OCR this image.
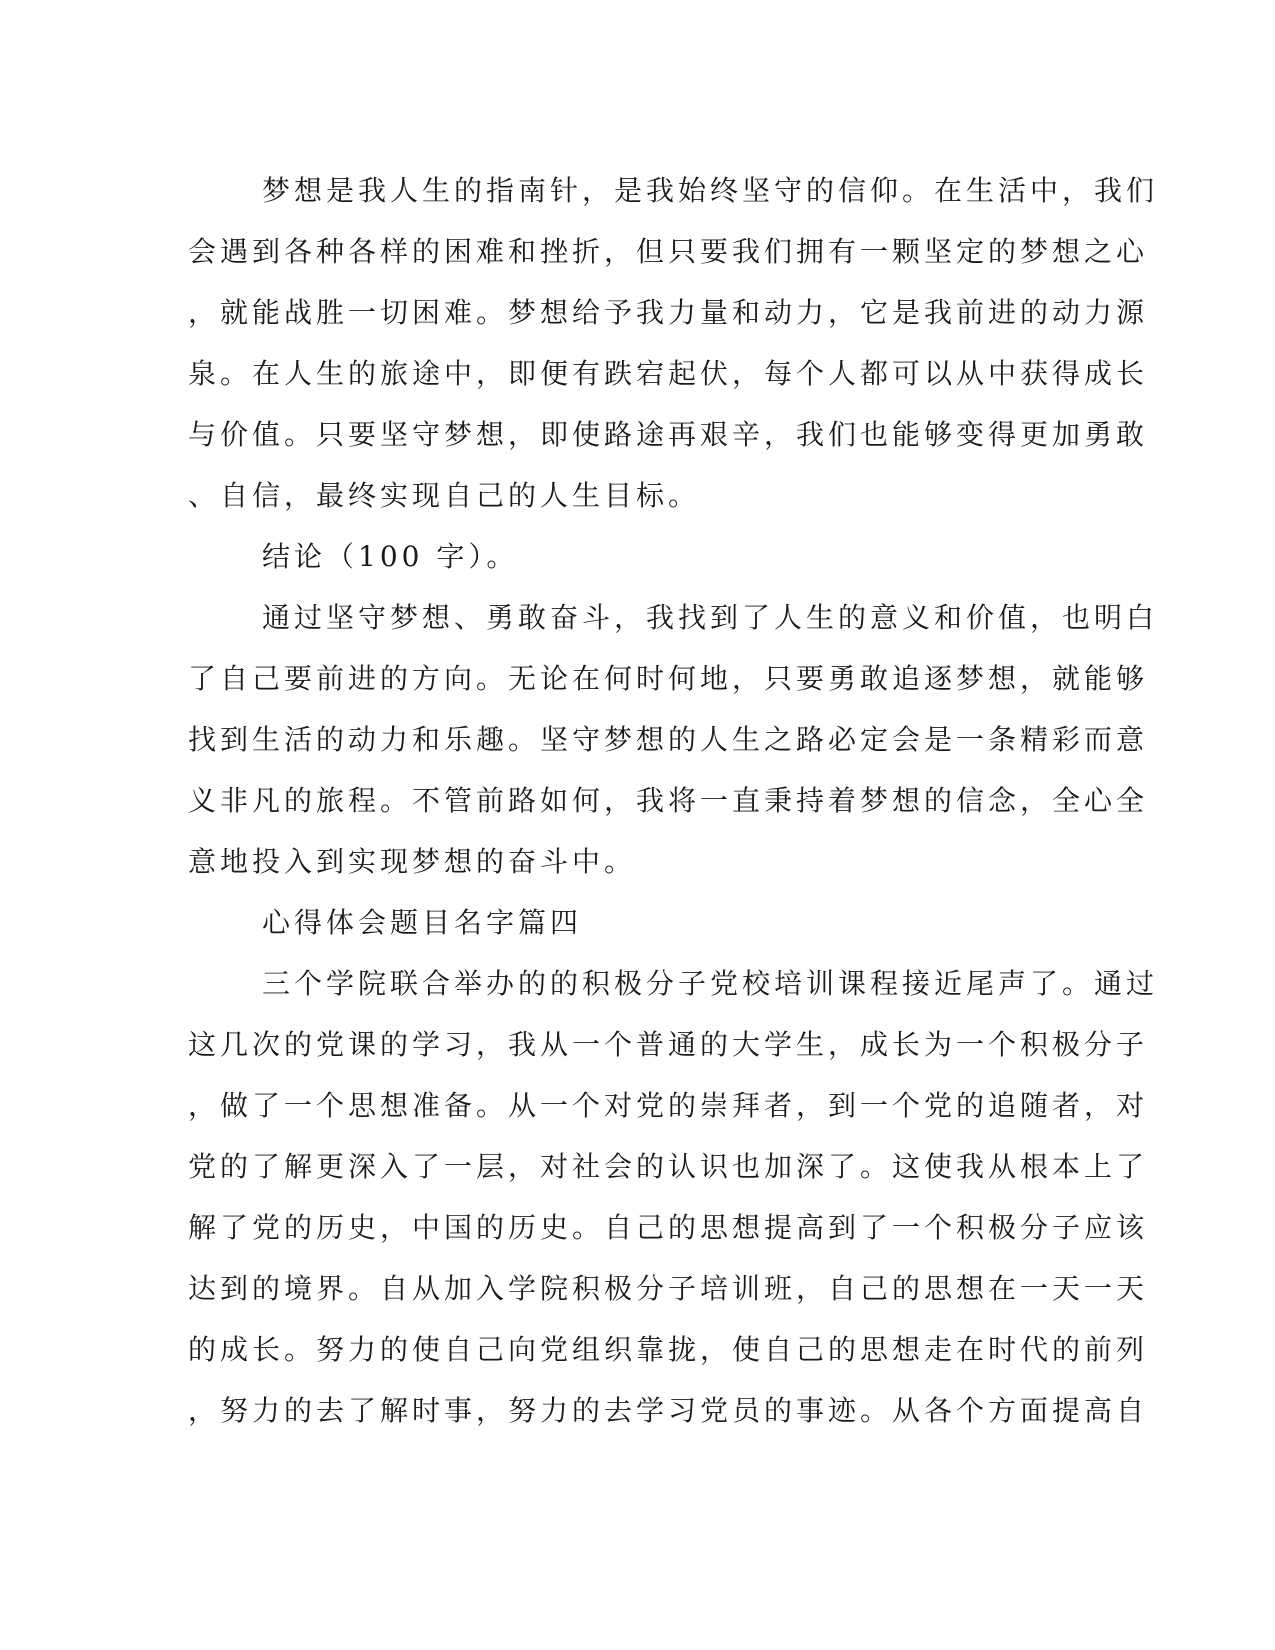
梦想是我人生的指南针，是我始终坚守的信仰。在生活中，我们
会遇到各种各样的困难和挫折，但只要我们拥有一颗坚定的梦想之心
，就能战胜一切困难。梦想给予我力量和动力，它是我前进的动力源
泉。在人生的旅途中，即便有跌宕起伏，每个人都可以从中获得成长
与价值。只要坚守梦想，即使路途再艰辛，我们也能够变得更加勇敢
、自信，最终实现自己的人生目标。
结论（100 字）。
通过坚守梦想、勇敢奋斗，我找到了人生的意义和价值，也明白
了自己要前进的方向。无论在何时何地，只要勇敢追逐梦想，就能够
找到生活的动力和乐趣。坚守梦想的人生之路必定会是一条精彩而意
义非凡的旅程。不管前路如何，我将一直秉持着梦想的信念，全心全
意地投入到实现梦想的奋斗中。
心得体会题目名字篇四
三个学院联合举办的的积极分子党校培训课程接近尾声了。通过
这几次的党课的学习，我从一个普通的大学生，成长为一个积极分子
，做了一个思想准备。从一个对党的崇拜者，到一个党的追随者，对
党的了解更深入了一层，对社会的认识也加深了。这使我从根本上了
解了党的历史，中国的历史。自己的思想提高到了一个积极分子应该
达到的境界。自从加入学院积极分子培训班，自己的思想在一天一天
的成长。努力的使自己向党组织靠拢，使自己的思想走在时代的前列
，努力的去了解时事，努力的去学习党员的事迹。从各个方面提高自
